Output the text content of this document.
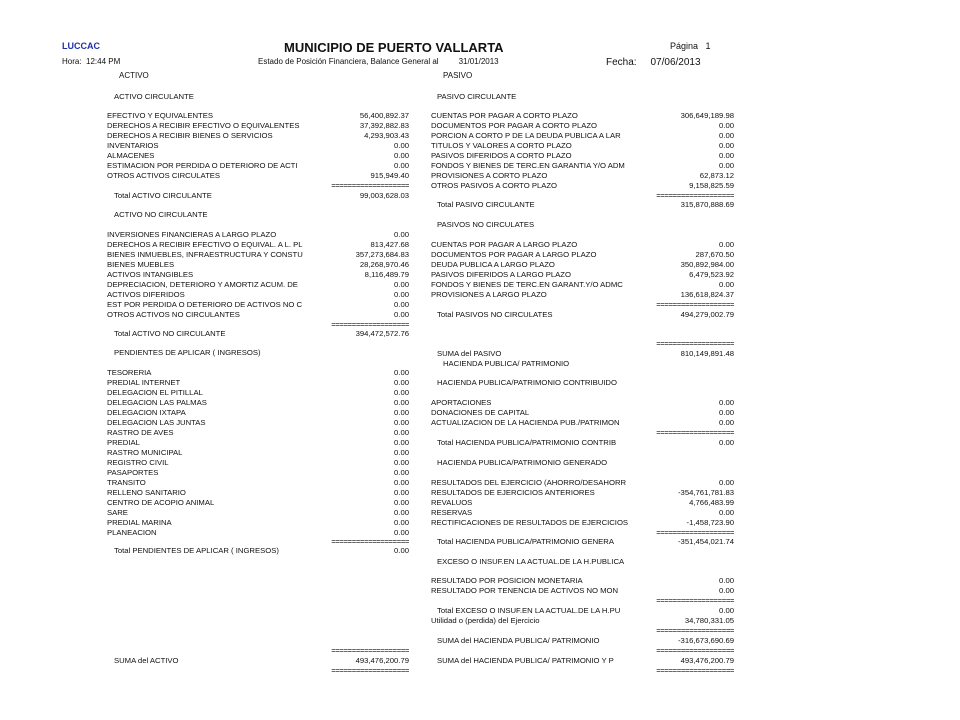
LUCCAC	MUNICIPIO DE PUERTO VALLARTA	Página 1
Hora: 12:44 PM	Estado de Posición Financiera, Balance General al	31/01/2013	Fecha: 07/06/2013
ACTIVO	PASIVO
ACTIVO CIRCULANTE
EFECTIVO Y EQUIVALENTES	56,400,892.37
DERECHOS A RECIBIR EFECTIVO O EQUIVALENTES	37,392,882.83
DERECHOS A RECIBIR BIENES O SERVICIOS	4,293,903.43
INVENTARIOS	0.00
ALMACENES	0.00
ESTIMACION POR PERDIDA O DETERIORO DE ACTI	0.00
OTROS ACTIVOS CIRCULATES	915,949.40
===================
Total ACTIVO CIRCULANTE	99,003,628.03
ACTIVO NO CIRCULANTE
INVERSIONES FINANCIERAS A LARGO PLAZO	0.00
DERECHOS A RECIBIR EFECTIVO O EQUIVAL. A L. PL	813,427.68
BIENES INMUEBLES, INFRAESTRUCTURA Y CONSTU	357,273,684.83
BIENES MUEBLES	28,268,970.46
ACTIVOS INTANGIBLES	8,116,489.79
DEPRECIACION, DETERIORO Y AMORTIZ ACUM. DE	0.00
ACTIVOS DIFERIDOS	0.00
EST POR PERDIDA O DETERIORO DE ACTIVOS NO C	0.00
OTROS ACTIVOS NO CIRCULANTES	0.00
===================
Total ACTIVO NO CIRCULANTE	394,472,572.76
PENDIENTES DE APLICAR ( INGRESOS)
TESORERIA	0.00
PREDIAL INTERNET	0.00
DELEGACION EL PITILLAL	0.00
DELEGACION LAS PALMAS	0.00
DELEGACION IXTAPA	0.00
DELEGACION LAS JUNTAS	0.00
RASTRO DE AVES	0.00
PREDIAL	0.00
RASTRO MUNICIPAL	0.00
REGISTRO CIVIL	0.00
PASAPORTES	0.00
TRANSITO	0.00
RELLENO SANITARIO	0.00
CENTRO DE ACOPIO ANIMAL	0.00
SARE	0.00
PREDIAL MARINA	0.00
PLANEACION	0.00
===================
Total PENDIENTES DE APLICAR ( INGRESOS)	0.00
===================
SUMA del ACTIVO	493,476,200.79
===================
PASIVO CIRCULANTE
CUENTAS POR PAGAR A CORTO PLAZO	306,649,189.98
DOCUMENTOS POR PAGAR A CORTO PLAZO	0.00
PORCION A CORTO P DE LA DEUDA PUBLICA A LAR	0.00
TITULOS Y VALORES A CORTO PLAZO	0.00
PASIVOS DIFERIDOS A CORTO PLAZO	0.00
FONDOS Y BIENES DE TERC.EN GARANTIA Y/O ADM	0.00
PROVISIONES A CORTO PLAZO	62,873.12
OTROS PASIVOS A CORTO PLAZO	9,158,825.59
===================
Total PASIVO CIRCULANTE	315,870,888.69
PASIVOS NO CIRCULATES
CUENTAS POR PAGAR A LARGO PLAZO	0.00
DOCUMENTOS POR PAGAR A LARGO PLAZO	287,670.50
DEUDA PUBLICA A LARGO PLAZO	350,892,984.00
PASIVOS DIFERIDOS A LARGO PLAZO	6,479,523.92
FONDOS Y BIENES DE TERC.EN GARANT.Y/O ADMC	0.00
PROVISIONES A LARGO PLAZO	136,618,824.37
===================
Total PASIVOS NO CIRCULATES	494,279,002.79
===================
SUMA del PASIVO	810,149,891.48
HACIENDA PUBLICA/ PATRIMONIO
HACIENDA PUBLICA/PATRIMONIO CONTRIBUIDO
APORTACIONES	0.00
DONACIONES DE CAPITAL	0.00
ACTUALIZACION DE LA HACIENDA PUB./PATRIMON	0.00
===================
Total HACIENDA PUBLICA/PATRIMONIO CONTRIB	0.00
HACIENDA PUBLICA/PATRIMONIO GENERADO
RESULTADOS DEL EJERCICIO (AHORRO/DESAHORR	0.00
RESULTADOS DE EJERCICIOS ANTERIORES	-354,761,781.83
REVALUOS	4,766,483.99
RESERVAS	0.00
RECTIFICACIONES DE RESULTADOS DE EJERCICIOS	-1,458,723.90
===================
Total HACIENDA PUBLICA/PATRIMONIO GENERA	-351,454,021.74
EXCESO O INSUF.EN LA ACTUAL.DE LA H.PUBLICA
RESULTADO POR POSICION MONETARIA	0.00
RESULTADO POR TENENCIA DE ACTIVOS NO MON	0.00
===================
Total EXCESO O INSUF.EN LA ACTUAL.DE LA H.PU	0.00
Utilidad o (perdida) del Ejercicio	34,780,331.05
===================
SUMA del HACIENDA PUBLICA/ PATRIMONIO	-316,673,690.69
===================
SUMA del HACIENDA PUBLICA/ PATRIMONIO Y P	493,476,200.79
===================
